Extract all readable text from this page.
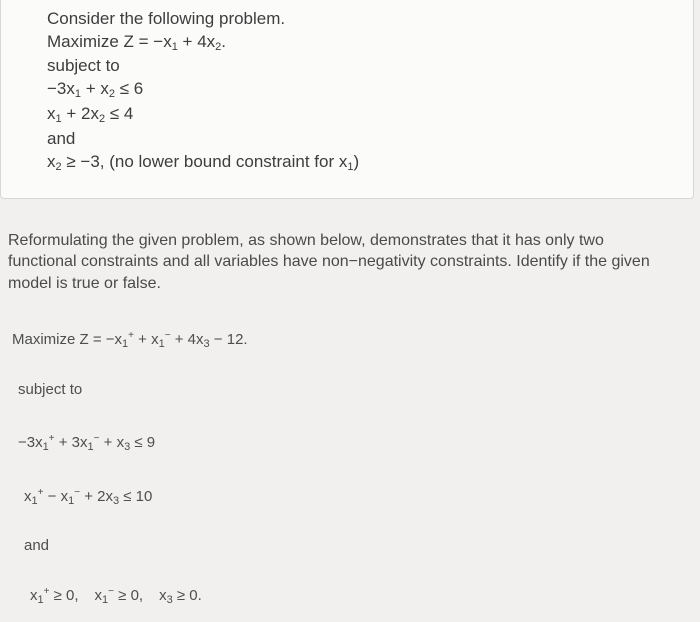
Consider the following problem.
Maximize $Z = -x_1 + 4x_2$.
subject to
$-3x_1 + x_2 \le 6$
$x_1 + 2x_2 \le 4$
and
$x_2 \ge -3$, (no lower bound constraint for $x_1$)
Reformulating the given problem, as shown below, demonstrates that it has only two
functional constraints and all variables have non−negativity constraints. Identify if the given
model is true or false.
Maximize $Z = -x_1^+ + x_1^- + 4x_3 - 12$.
subject to
$-3x_1^+ + 3x_1^- + x_3 \le 9$
$x_1^+ - x_1^- + 2x_3 \le 10$
and
$x_1^+ \ge 0$, $x_1^- \ge 0$, $x_3 \ge 0$.
